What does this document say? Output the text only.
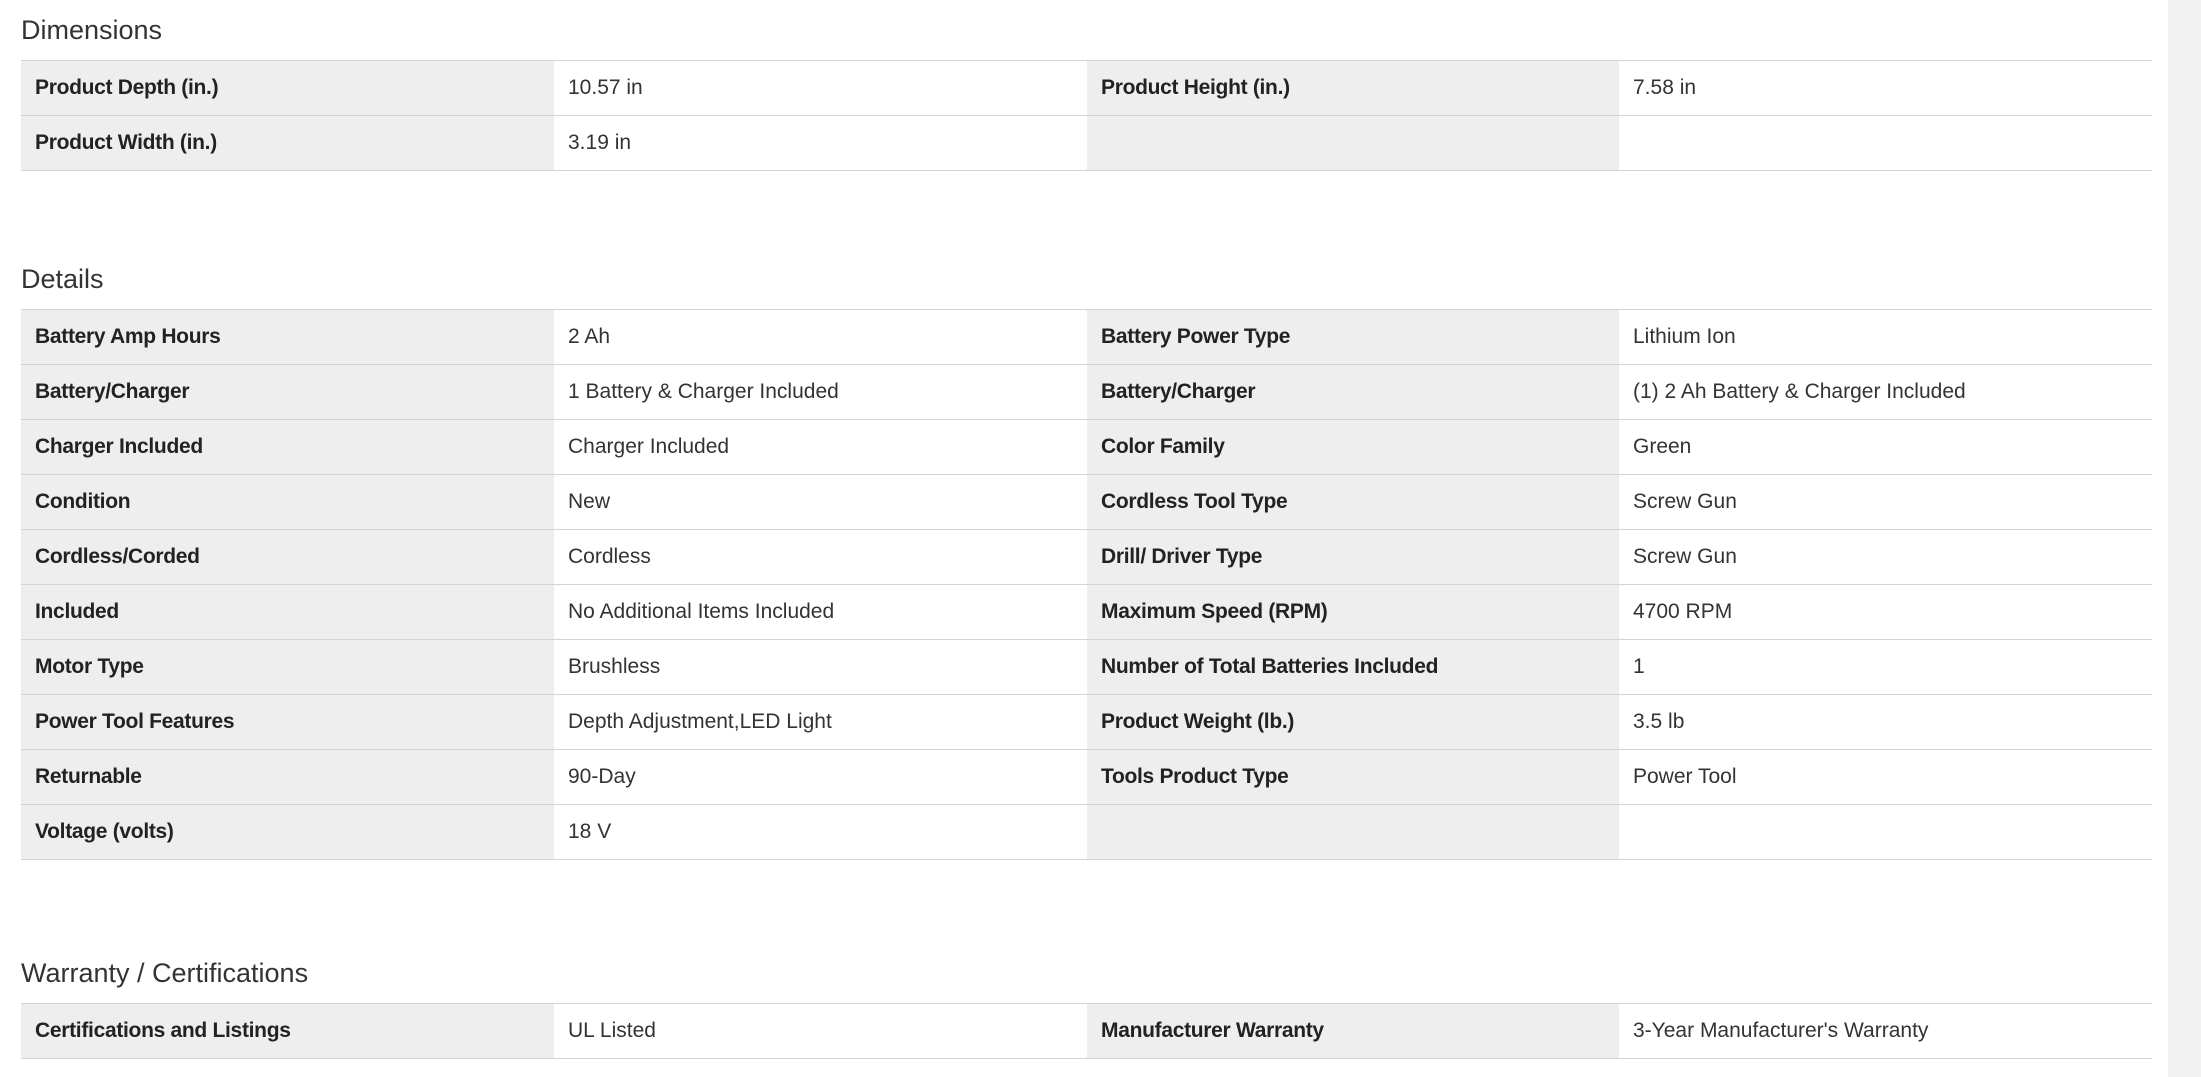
Dimensions
Product Depth (in.)	10.57 in	Product Height (in.)	7.58 in
Product Width (in.)	3.19 in		
Details
Battery Amp Hours	2 Ah	Battery Power Type	Lithium Ion
Battery/Charger	1 Battery & Charger Included	Battery/Charger	(1) 2 Ah Battery & Charger Included
Charger Included	Charger Included	Color Family	Green
Condition	New	Cordless Tool Type	Screw Gun
Cordless/Corded	Cordless	Drill/ Driver Type	Screw Gun
Included	No Additional Items Included	Maximum Speed (RPM)	4700 RPM
Motor Type	Brushless	Number of Total Batteries Included	1
Power Tool Features	Depth Adjustment,LED Light	Product Weight (lb.)	3.5 lb
Returnable	90-Day	Tools Product Type	Power Tool
Voltage (volts)	18 V		
Warranty / Certifications
Certifications and Listings	UL Listed	Manufacturer Warranty	3-Year Manufacturer's Warranty
